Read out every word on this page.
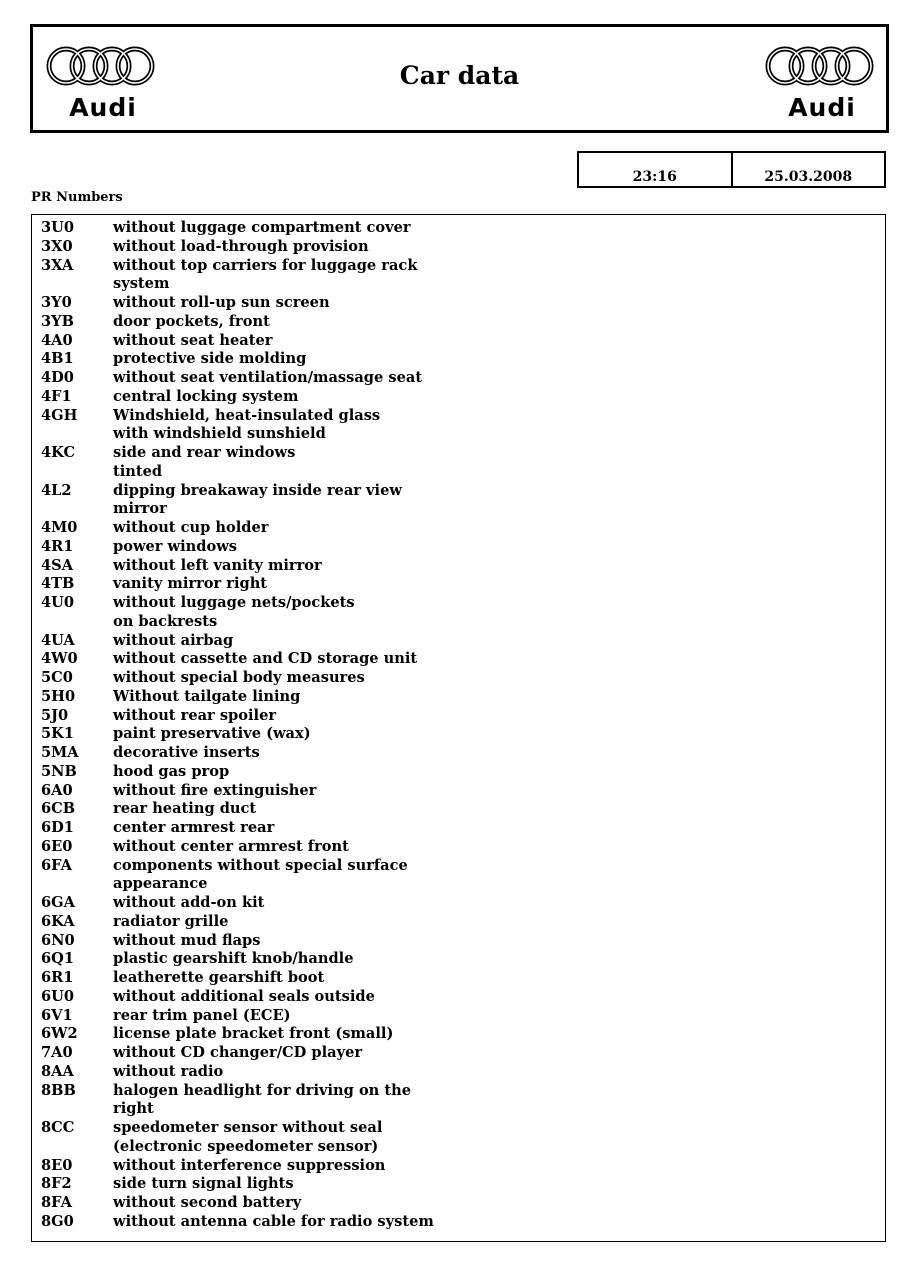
Audi
Car data
Audi
23:16	25.03.2008
PR Numbers
3U0	without luggage compartment cover
3X0	without load-through provision
3XA	without top carriers for luggage rack
system
3Y0	without roll-up sun screen
3YB	door pockets, front
4A0	without seat heater
4B1	protective side molding
4D0	without seat ventilation/massage seat
4F1	central locking system
4GH	Windshield, heat-insulated glass
with windshield sunshield
4KC	side and rear windows
tinted
4L2	dipping breakaway inside rear view
mirror
4M0	without cup holder
4R1	power windows
4SA	without left vanity mirror
4TB	vanity mirror right
4U0	without luggage nets/pockets
on backrests
4UA	without airbag
4W0	without cassette and CD storage unit
5C0	without special body measures
5H0	Without tailgate lining
5J0	without rear spoiler
5K1	paint preservative (wax)
5MA	decorative inserts
5NB	hood gas prop
6A0	without fire extinguisher
6CB	rear heating duct
6D1	center armrest rear
6E0	without center armrest front
6FA	components without special surface
appearance
6GA	without add-on kit
6KA	radiator grille
6N0	without mud flaps
6Q1	plastic gearshift knob/handle
6R1	leatherette gearshift boot
6U0	without additional seals outside
6V1	rear trim panel (ECE)
6W2	license plate bracket front (small)
7A0	without CD changer/CD player
8AA	without radio
8BB	halogen headlight for driving on the
right
8CC	speedometer sensor without seal
(electronic speedometer sensor)
8E0	without interference suppression
8F2	side turn signal lights
8FA	without second battery
8G0	without antenna cable for radio system
